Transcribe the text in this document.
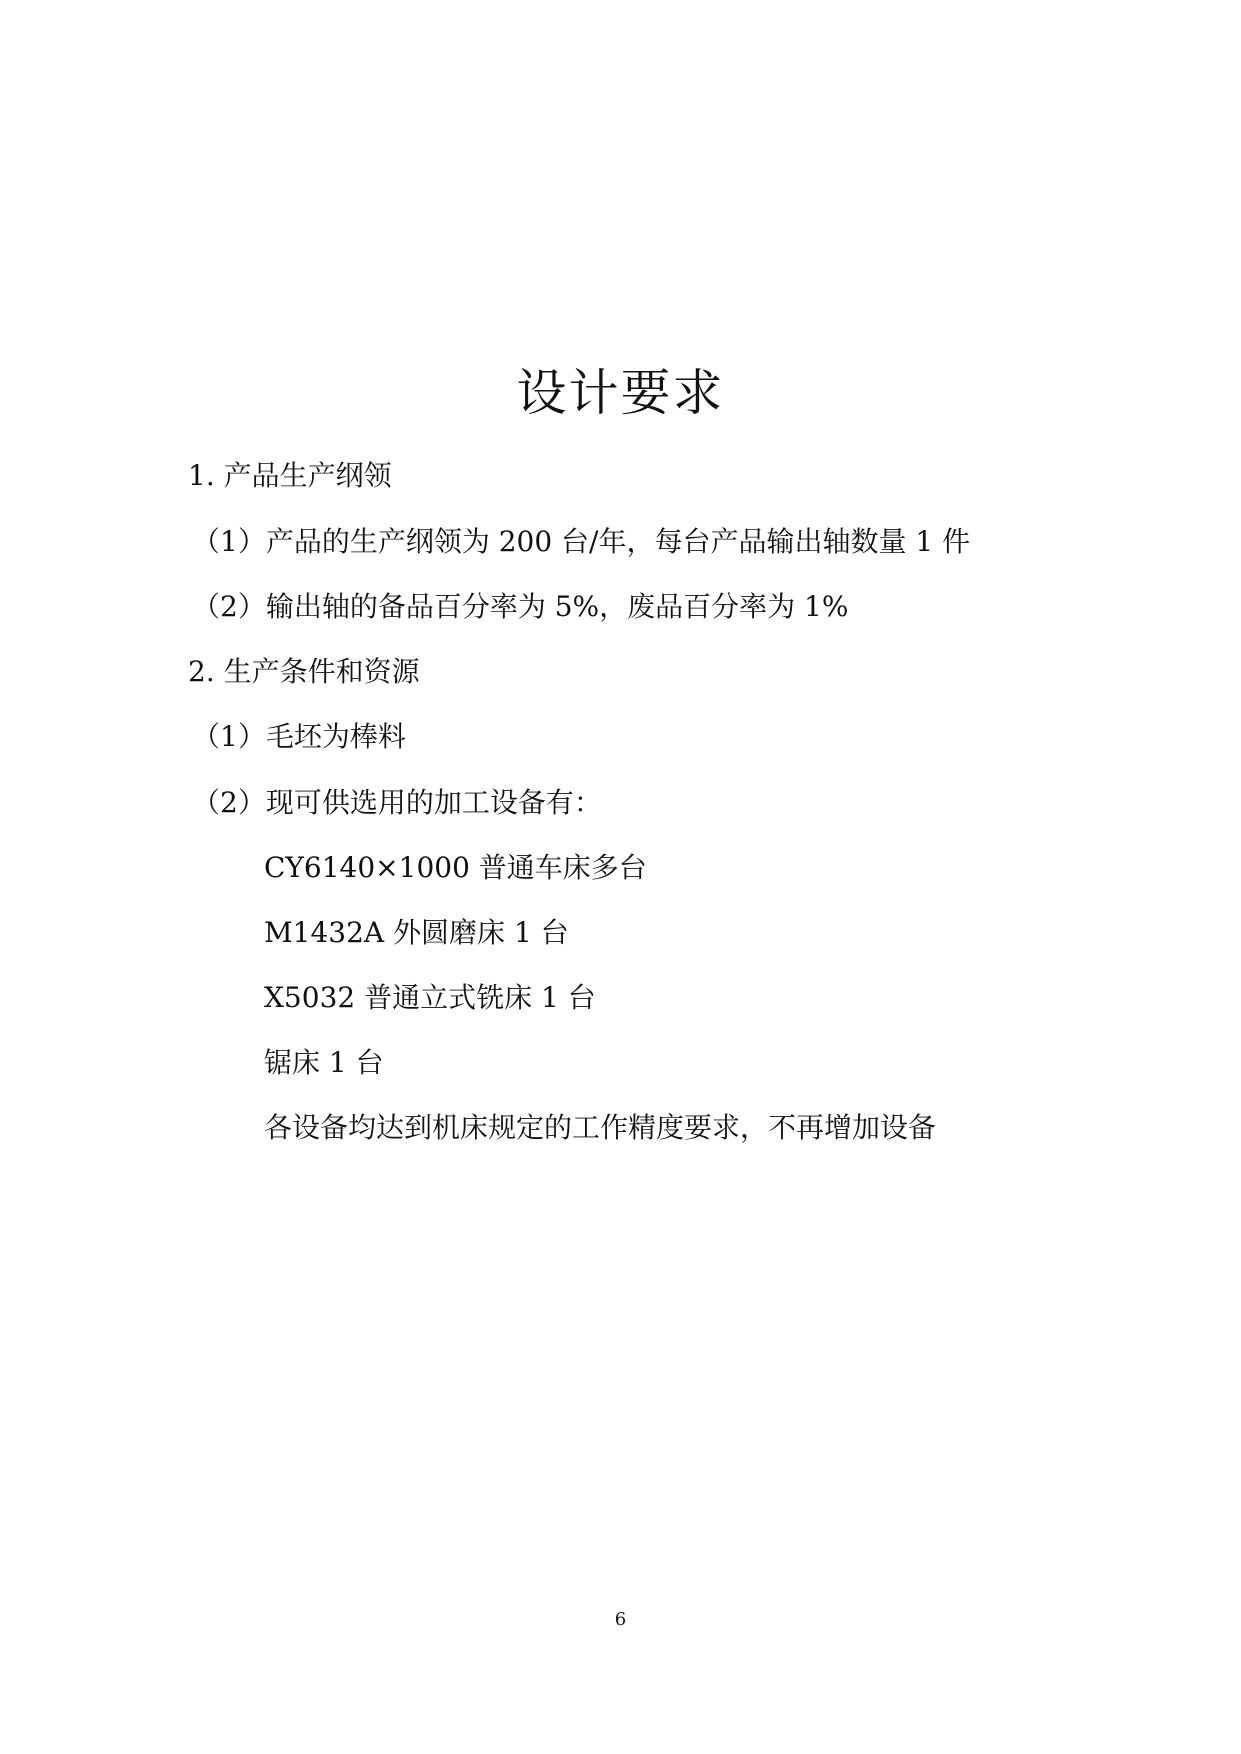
设计要求
1. 产品生产纲领
（1）产品的生产纲领为 200 台/年，每台产品输出轴数量 1 件
（2）输出轴的备品百分率为 5%，废品百分率为 1%
2. 生产条件和资源
（1）毛坯为棒料
（2）现可供选用的加工设备有：
CY6140×1000 普通车床多台
M1432A 外圆磨床 1 台
X5032 普通立式铣床 1 台
锯床 1 台
各设备均达到机床规定的工作精度要求，不再增加设备
6
